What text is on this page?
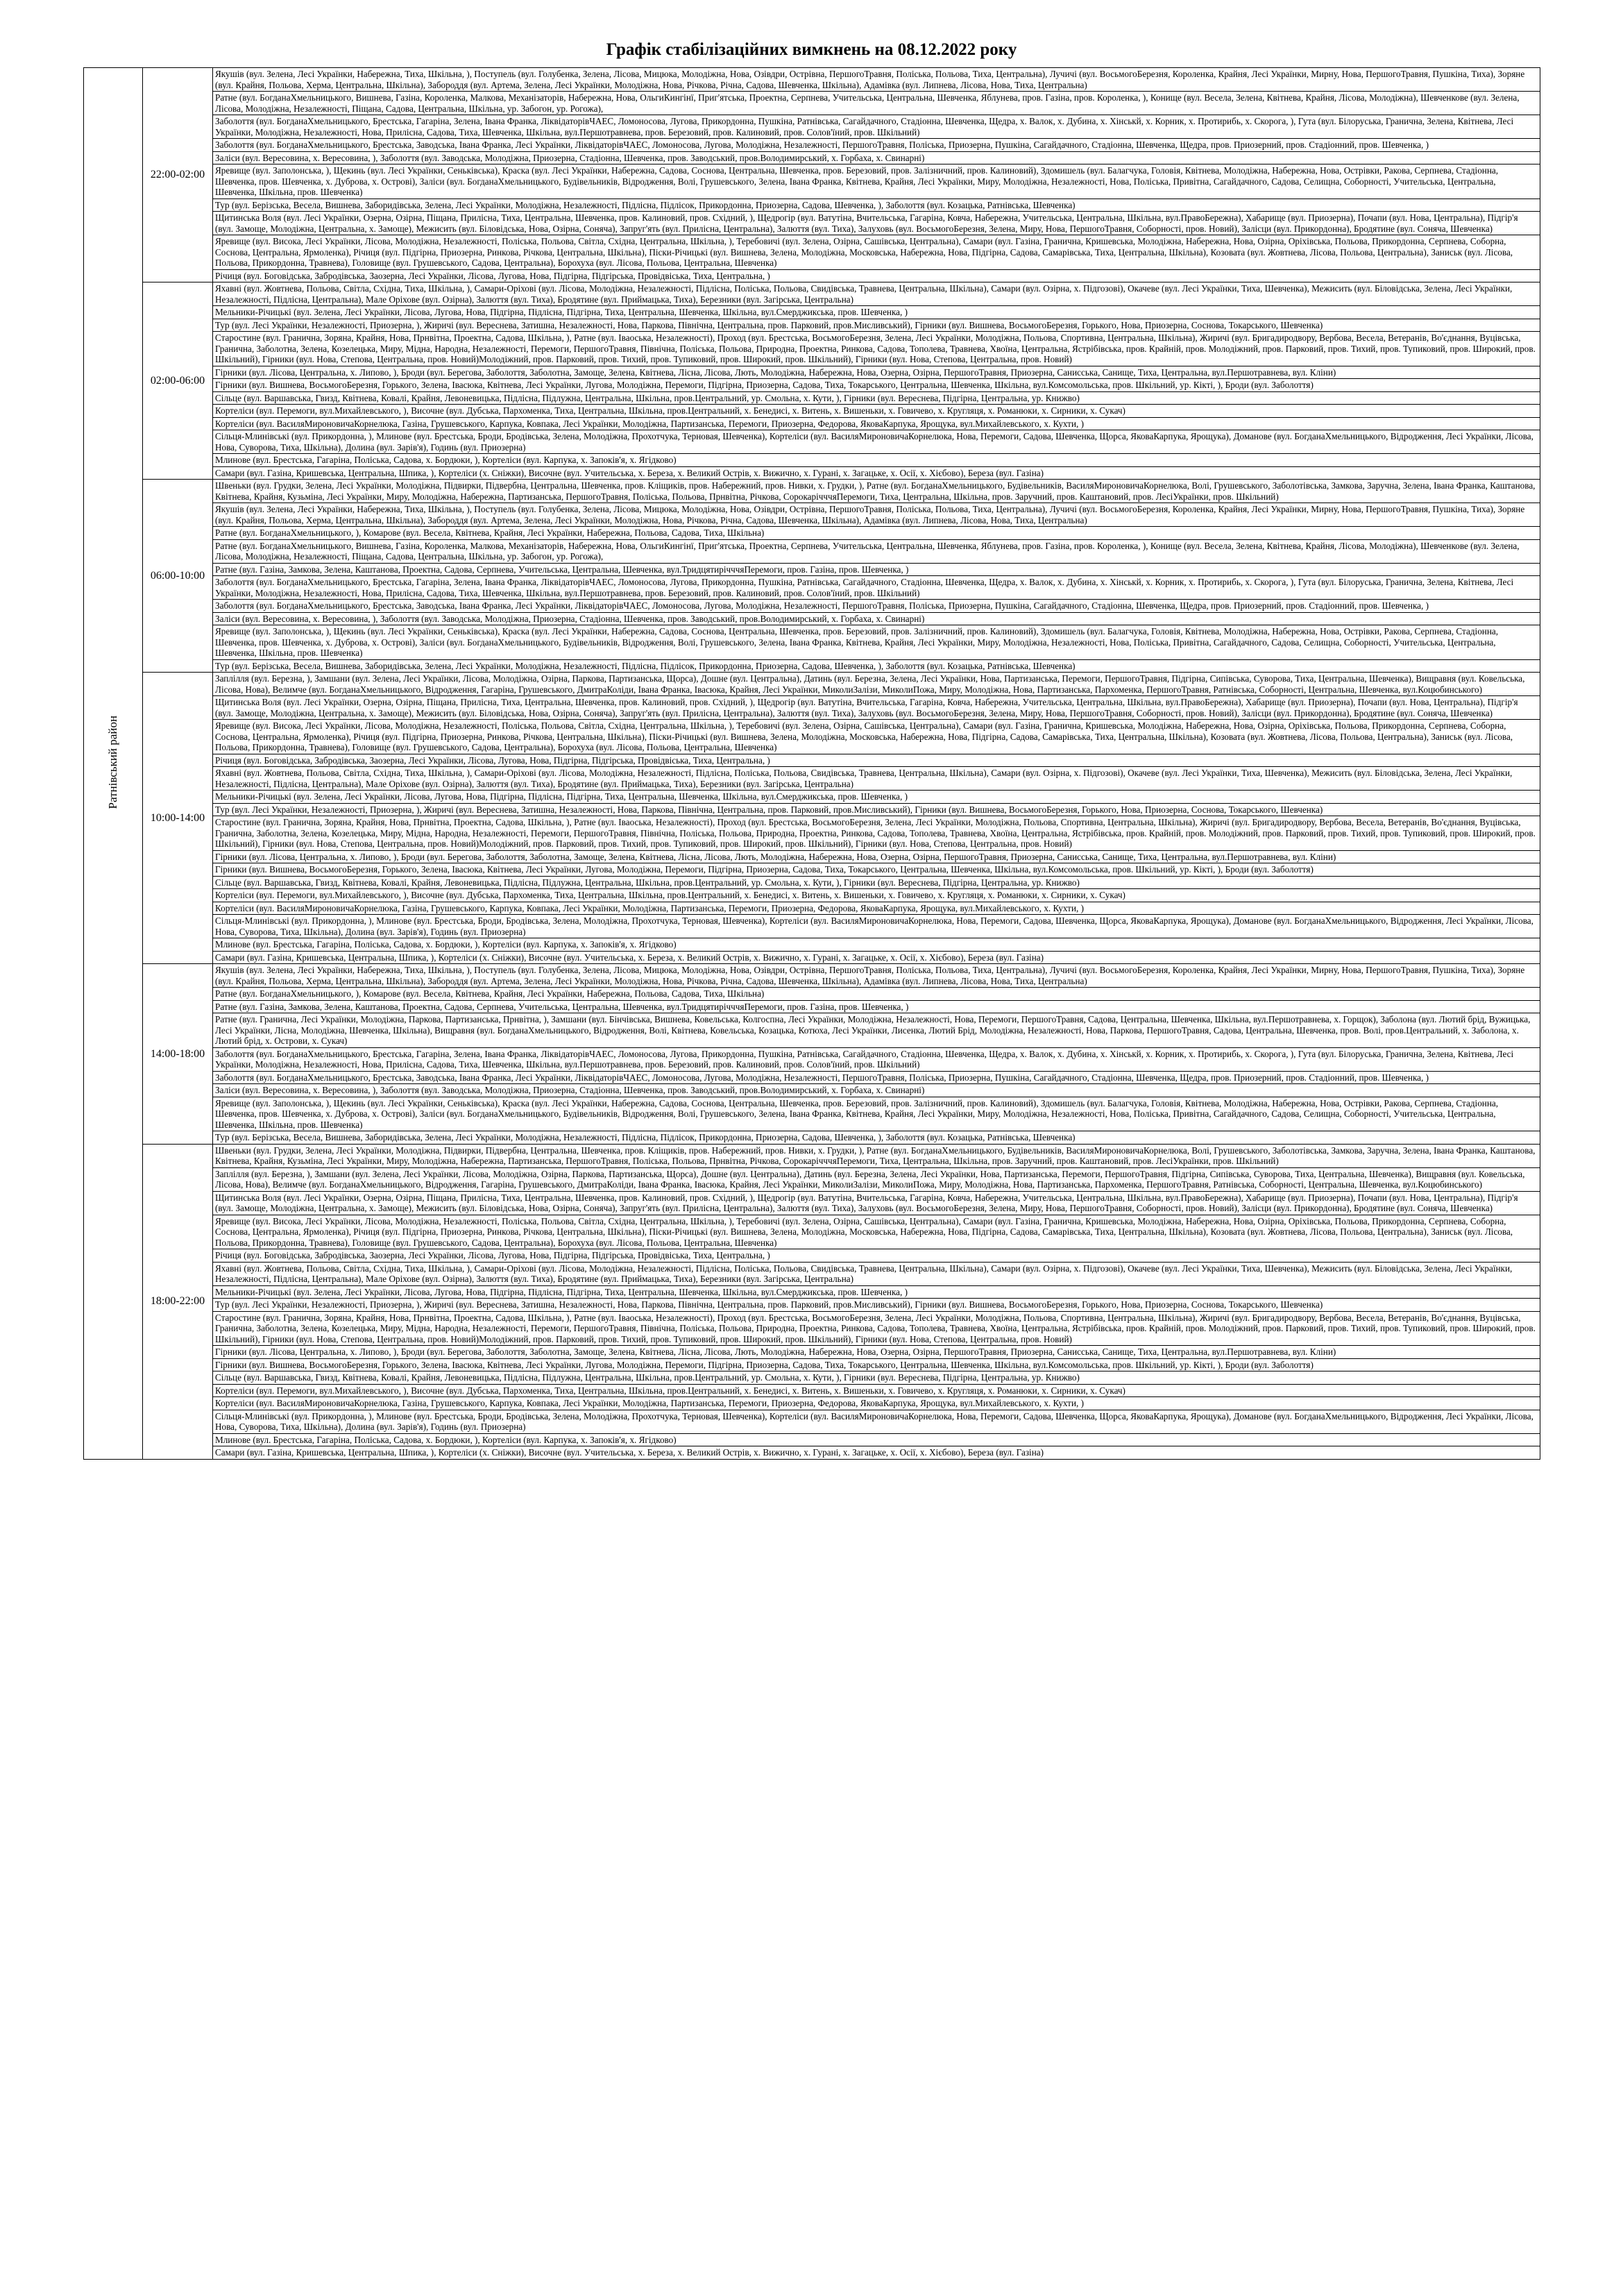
Графік стабілізаційних вимкнень на 08.12.2022 року
Ратнівський район	22:00-02:00	Якушів (вул. Зелена, Лесі Українки, Набережна, Тиха, Шкільна, ), Поступель (вул. Голубенка, Зелена, Лісова, Мицюка, Молодіжна, Нова, Озівдри, Острівна, ПершогоТравня, Поліська, Польова, Тиха, Центральна), Лучичі (вул. ВосьмогоБерезня, Короленка, Крайня, Лесі Українки, Мирну, Нова, ПершогоТравня, Пушкіна, Тиха), Зоряне (вул. Крайня, Польова, Херма, Центральна, Шкільна), Забороддя (вул. Артема, Зелена, Лесі Українки, Молодіжна, Нова, Річкова, Річна, Садова, Шевченка, Шкільна), Адамівка (вул. Липнева, Лісова, Нова, Тиха, Центральна)
		Ратне (вул. БогданаХмельницького, Вишнева, Газіна, Короленка, Малкова, Механізаторів, Набережна, Нова, ОльгиКингінї, Приг'ятська, Проектна, Серпнева, Учительська, Центральна, Шевченка, Яблунева, пров. Газіна, пров. Короленка, ), Конище (вул. Весела, Зелена, Квітнева, Крайня, Лісова, Молодіжна), Шевченкове (вул. Зелена, Лісова, Молодіжна, Незалежності, Піщана, Садова, Центральна, Шкільна, ур. Забогон, ур. Рогожа),
		Заболоття (вул. БогданаХмельницького, Брестська, Гагаріна, Зелена, Івана Франка, ЛіквідаторівЧАЕС, Ломоносова, Лугова, Прикордонна, Пушкіна, Ратнівська, Сагайдачного, Стадіонна, Шевченка, Щедра, х. Валок, х. Дубина, х. Хінськй, х. Корник, х. Протирибь, х. Скорога, ), Гута (вул. Білоруська, Гранична, Зелена, Квітнева, Лесі Українки, Молодіжна, Незалежності, Нова, Прилісна, Садова, Тиха, Шевченка, Шкільна, вул.Першотравнева, пров. Березовий, пров. Калиновий, пров. Солов'їний, пров. Шкільний)
		Заболоття (вул. БогданаХмельницького, Брестська, Заводська, Івана Франка, Лесі Українки, ЛіквідаторівЧАЕС, Ломоносова, Лугова, Молодіжна, Незалежності, ПершогоТравня, Поліська, Приозерна, Пушкіна, Сагайдачного, Стадіонна, Шевченка, Щедра, пров. Приозерний, пров. Стадіонний, пров. Шевченка, )
		Заліси (вул. Вересовина, х. Вересовина, ), Заболоття (вул. Заводська, Молодіжна, Приозерна, Стадіонна, Шевченка, пров. Заводський, пров.Володимирський, х. Горбаха, х. Свинарні)
		Яревище (вул. Заполонська, ), Щекинь (вул. Лесі Українки, Сеньківська), Краска (вул. Лесі Українки, Набережна, Садова, Соснова, Центральна, Шевченка, пров. Березовий, пров. Залізничний, пров. Калиновий), Здомишель (вул. Балагчука, Головія, Квітнева, Молодіжна, Набережна, Нова, Острівки, Ракова, Серпнева, Стадіонна, Шевченка, пров. Шевченка, х. Дуброва, х. Острові), Заліси (вул. БогданаХмельницького, Будівельників, Відродження, Волі, Грушевського, Зелена, Івана Франка, Квітнева, Крайня, Лесі Українки, Миру, Молодіжна, Незалежності, Нова, Поліська, Привітна, Сагайдачного, Садова, Селищна, Соборності, Учительська, Центральна, Шевченка, Шкільна, пров. Шевченка)
		Тур (вул. Берізська, Весела, Вишнева, Заборидівська, Зелена, Лесі Українки, Молодіжна, Незалежності, Підлісна, Підлісок, Прикордонна, Приозерна, Садова, Шевченка, ), Заболоття (вул. Козацька, Ратнівська, Шевченка)
		Щитинська Воля (вул. Лесі Українки, Озерна, Озірна, Піщана, Прилісна, Тиха, Центральна, Шевченка, пров. Калиновий, пров. Східний, ), Щедрогір (вул. Ватутіна, Вчительська, Гагаріна, Ковча, Набережна, Учительська, Центральна, Шкільна, вул.ПравоБережна), Хабарище (вул. Приозерна), Почапи (вул. Нова, Центральна), Підгір'я (вул. Замоще, Молодіжна, Центральна, х. Замоще), Межисить (вул. Біловідська, Нова, Озірна, Соняча), Запруг'ять (вул. Прилісна, Центральна), Залюття (вул. Тиха), Залуховь (вул. ВосьмогоБерезня, Зелена, Миру, Нова, ПершогоТравня, Соборності, пров. Новий), Залісци (вул. Прикордонна), Бродятине (вул. Соняча, Шевченка)
		Яревище (вул. Висока, Лесі Українки, Лісова, Молодіжна, Незалежності, Поліська, Польова, Світла, Східна, Центральна, Шкільна, ), Теребовичі (вул. Зелена, Озірна, Сашівська, Центральна), Самари (вул. Газіна, Гранична, Кришевська, Молодіжна, Набережна, Нова, Озірна, Оріхівська, Польова, Прикордонна, Серпнева, Соборна, Соснова, Центральна, Ярмоленка), Річиця (вул. Підгірна, Приозерна, Ринкова, Річкова, Центральна, Шкільна), Піски-Річицькі (вул. Вишнева, Зелена, Молодіжна, Московська, Набережна, Нова, Підгірна, Садова, Самарівська, Тиха, Центральна, Шкільна), Козовата (вул. Жовтнева, Лісова, Польова, Центральна), Заниськ (вул. Лісова, Польова, Прикордонна, Травнева), Головище (вул. Грушевського, Садова, Центральна), Борохуха (вул. Лісова, Польова, Центральна, Шевченка)
		Річиця (вул. Боговідська, Забродівська, Заозерна, Лесі Українки, Лісова, Лугова, Нова, Підгірна, Підгірська, Провідвіська, Тиха, Центральна, )
	02:00-06:00	Яхавні (вул. Жовтнева, Польова, Світла, Східна, Тиха, Шкільна, ), Самари-Оріхові (вул. Лісова, Молодіжна, Незалежності, Підлісна, Поліська, Польова, Свидівська, Травнева, Центральна, Шкільна), Самари (вул. Озірна, х. Підгозові), Окачеве (вул. Лесі Українки, Тиха, Шевченка), Межисить (вул. Біловідська, Зелена, Лесі Українки, Незалежності, Підлісна, Центральна), Мале Оріхове (вул. Озірна), Залюття (вул. Тиха), Бродятине (вул. Приймацька, Тиха), Березники (вул. Загірська, Центральна)
		Мельники-Річицькі (вул. Зелена, Лесі Українки, Лісова, Лугова, Нова, Підгірна, Підлісна, Підгірна, Тиха, Центральна, Шевченка, Шкільна, вул.Смерджикська, пров. Шевченка, )
		Тур (вул. Лесі Українки, Незалежності, Приозерна, ), Жиричі (вул. Вереснева, Затишна, Незалежності, Нова, Паркова, Північна, Центральна, пров. Парковий, пров.Мисливський), Гірники (вул. Вишнева, ВосьмогоБерезня, Горького, Нова, Приозерна, Соснова, Токарського, Шевченка)
		Старостине (вул. Гранична, Зоряна, Крайня, Нова, Прнвітна, Проектна, Садова, Шкільна, ), Ратне (вул. Іваоська, Незалежності), Проход (вул. Брестська, ВосьмогоБерезня, Зелена, Лесі Українки, Молодіжна, Польова, Спортивна, Центральна, Шкільна), Жиричі (вул. Бригадиродвору, Вербова, Весела, Ветеранів, Во'єднання, Вуцівська, Гранична, Заболотна, Зелена, Козелецька, Миру, Мідна, Народна, Незалежності, Перемоги, ПершогоТравня, Північна, Поліська, Польова, Природна, Проектна, Ринкова, Садова, Тополева, Травнева, Хвоїна, Центральна, Ястрібівська, пров. Крайній, пров. Молодіжний, пров. Парковий, пров. Тихий, пров. Тупиковий, пров. Широкий, пров. Шкільний), Гірники (вул. Нова, Степова, Центральна, пров. Новий)Молодіжний, пров. Парковий, пров. Тихий, пров. Тупиковий, пров. Широкий, пров. Шкільний), Гірники (вул. Нова, Степова, Центральна, пров. Новий)
		Гірники (вул. Лісова, Центральна, х. Липово, ), Броди (вул. Берегова, Заболоття, Заболотна, Замоще, Зелена, Квітнева, Лісна, Лісова, Лють, Молодіжна, Набережна, Нова, Озерна, Озірна, ПершогоТравня, Приозерна, Санисська, Санище, Тиха, Центральна, вул.Першотравнева, вул. Кліни)
		Гірники (вул. Вишнева, ВосьмогоБерезня, Горького, Зелена, Івасюка, Квітнева, Лесі Українки, Лугова, Молодіжна, Перемоги, Підгірна, Приозерна, Садова, Тиха, Токарського, Центральна, Шевченка, Шкільна, вул.Комсомольська, пров. Шкільний, ур. Кікті, ), Броди (вул. Заболоття)
		Сільце (вул. Варшавська, Гвизд, Квітнева, Ковалі, Крайня, Левоневицька, Підлісна, Підлужна, Центральна, Шкільна, пров.Центральний, ур. Смольна, х. Кути, ), Гірники (вул. Вереснева, Підгірна, Центральна, ур. Книжво)
		Кортеліси (вул. Перемоги, вул.Михайлевського, ), Височне (вул. Дубська, Пархоменка, Тиха, Центральна, Шкільна, пров.Центральний, х. Бенедисі, х. Витень, х. Вишеньки, х. Говичево, х. Кругляця, х. Романюки, х. Сирники, х. Сукач)
		Кортеліси (вул. ВасиляМироновичаКорнелюка, Газіна, Грушевського, Карпука, Ковпака, Лесі Українки, Молодіжна, Партизанська, Перемоги, Приозерна, Федорова, ЯковаКарпука, Ярощука, вул.Михайлевського, х. Кухти, )
		Сільця-Млинівські (вул. Прикордонна, ), Млинове (вул. Брестська, Броди, Бродівська, Зелена, Молодіжна, Прохотчука, Терновая, Шевченка), Кортеліси (вул. ВасиляМироновичаКорнелюка, Нова, Перемоги, Садова, Шевченка, Щорса, ЯковаКарпука, Ярощука), Доманове (вул. БогданаХмельницького, Відродження, Лесі Українки, Лісова, Нова, Суворова, Тиха, Шкільна), Долина (вул. Зарів'я), Годинь (вул. Приозерна)
		Млинове (вул. Брестська, Гагаріна, Поліська, Садова, х. Бордюки, ), Кортеліси (вул. Карпука, х. Запоків'я, х. Ягідково)
		Самари (вул. Газіна, Кришевська, Центральна, Шпика, ), Кортеліси (х. Сніжки), Височне (вул. Учительська, х. Береза, х. Великий Острів, х. Вижично, х. Гурані, х. Загацьке, х. Осії, х. Хієбово), Береза (вул. Газіна)
	06:00-10:00	Швеньки (вул. Грудки, Зелена, Лесі Українки, Молодіжна, Підвирки, Підвербна, Центральна, Шевченка, пров. Кліщиків, пров. Набережний, пров. Нивки, х. Грудки, ), Ратне (вул. БогданаХмельницького, Будівельників, ВасиляМироновичаКорнелюка, Волі, Грушевського, Заболотівська, Замкова, Заручна, Зелена, Івана Франка, Каштанова, Квітнева, Крайня, Кузьміна, Лесі Українки, Миру, Молодіжна, Набережна, Партизанська, ПершогоТравня, Поліська, Польова, Прнвітна, Річкова, СорокарічччяПеремоги, Тиха, Центральна, Шкільна, пров. Заручний, пров. Каштановий, пров. ЛесіУкраїнки, пров. Шкільний)
		Якушів (вул. Зелена, Лесі Українки, Набережна, Тиха, Шкільна, ), Поступель (вул. Голубенка, Зелена, Лісова, Мицюка, Молодіжна, Нова, Озівдри, Острівна, ПершогоТравня, Поліська, Польова, Тиха, Центральна), Лучичі (вул. ВосьмогоБерезня, Короленка, Крайня, Лесі Українки, Мирну, Нова, ПершогоТравня, Пушкіна, Тиха), Зоряне (вул. Крайня, Польова, Херма, Центральна, Шкільна), Забороддя (вул. Артема, Зелена, Лесі Українки, Молодіжна, Нова, Річкова, Річна, Садова, Шевченка, Шкільна), Адамівка (вул. Липнева, Лісова, Нова, Тиха, Центральна)
		Ратне (вул. БогданаХмельницького, ), Комарове (вул. Весела, Квітнева, Крайня, Лесі Українки, Набережна, Польова, Садова, Тиха, Шкільна)
		Ратне (вул. БогданаХмельницького, Вишнева, Газіна, Короленка, Малкова, Механізаторів, Набережна, Нова, ОльгиКингінї, Приг'ятська, Проектна, Серпнева, Учительська, Центральна, Шевченка, Яблунева, пров. Газіна, пров. Короленка, ), Конище (вул. Весела, Зелена, Квітнева, Крайня, Лісова, Молодіжна), Шевченкове (вул. Зелена, Лісова, Молодіжна, Незалежності, Піщана, Садова, Центральна, Шкільна, ур. Забогон, ур. Рогожа),
		Ратне (вул. Газіна, Замкова, Зелена, Каштанова, Проектна, Садова, Серпнева, Учительська, Центральна, Шевченка, вул.ТридцятирічччяПеремоги, пров. Газіна, пров. Шевченка, )
		Заболоття (вул. БогданаХмельницького, Брестська, Гагаріна, Зелена, Івана Франка, ЛіквідаторівЧАЕС, Ломоносова, Лугова, Прикордонна, Пушкіна, Ратнівська, Сагайдачного, Стадіонна, Шевченка, Щедра, х. Валок, х. Дубина, х. Хінськй, х. Корник, х. Протирибь, х. Скорога, ), Гута (вул. Білоруська, Гранична, Зелена, Квітнева, Лесі Українки, Молодіжна, Незалежності, Нова, Прилісна, Садова, Тиха, Шевченка, Шкільна, вул.Першотравнева, пров. Березовий, пров. Калиновий, пров. Солов'їний, пров. Шкільний)
		Заболоття (вул. БогданаХмельницького, Брестська, Заводська, Івана Франка, Лесі Українки, ЛіквідаторівЧАЕС, Ломоносова, Лугова, Молодіжна, Незалежності, ПершогоТравня, Поліська, Приозерна, Пушкіна, Сагайдачного, Стадіонна, Шевченка, Щедра, пров. Приозерний, пров. Стадіонний, пров. Шевченка, )
		Заліси (вул. Вересовина, х. Вересовина, ), Заболоття (вул. Заводська, Молодіжна, Приозерна, Стадіонна, Шевченка, пров. Заводський, пров.Володимирський, х. Горбаха, х. Свинарні)
		Яревище (вул. Заполонська, ), Щекинь (вул. Лесі Українки, Сеньківська), Краска (вул. Лесі Українки, Набережна, Садова, Соснова, Центральна, Шевченка, пров. Березовий, пров. Залізничний, пров. Калиновий), Здомишель (вул. Балагчука, Головія, Квітнева, Молодіжна, Набережна, Нова, Острівки, Ракова, Серпнева, Стадіонна, Шевченка, пров. Шевченка, х. Дуброва, х. Острові), Заліси (вул. БогданаХмельницького, Будівельників, Відродження, Волі, Грушевського, Зелена, Івана Франка, Квітнева, Крайня, Лесі Українки, Миру, Молодіжна, Незалежності, Нова, Поліська, Привітна, Сагайдачного, Садова, Селищна, Соборності, Учительська, Центральна, Шевченка, Шкільна, пров. Шевченка)
		Тур (вул. Берізська, Весела, Вишнева, Заборидівська, Зелена, Лесі Українки, Молодіжна, Незалежності, Підлісна, Підлісок, Прикордонна, Приозерна, Садова, Шевченка, ), Заболоття (вул. Козацька, Ратнівська, Шевченка)
	10:00-14:00	Заплілля (вул. Березна, ), Замшани (вул. Зелена, Лесі Українки, Лісова, Молодіжна, Озірна, Паркова, Партизанська, Щорса), Дошне (вул. Центральна), Датинь (вул. Березна, Зелена, Лесі Українки, Нова, Партизанська, Перемоги, ПершогоТравня, Підгірна, Сипівська, Суворова, Тиха, Центральна, Шевченка), Вищравня (вул. Ковельська, Лісова, Нова), Велимче (вул. БогданаХмельницького, Відродження, Гагаріна, Грушевського, ДмитраКоліди, Івана Франка, Івасюка, Крайня, Лесі Українки, МиколиЗалізи, МиколиПожа, Миру, Молодіжна, Нова, Партизанська, Пархоменка, ПершогоТравня, Ратнівська, Соборності, Центральна, Шевченка, вул.Коцюбинського)
		Щитинська Воля (вул. Лесі Українки, Озерна, Озірна, Піщана, Прилісна, Тиха, Центральна, Шевченка, пров. Калиновий, пров. Східний, ), Щедрогір (вул. Ватутіна, Вчительська, Гагаріна, Ковча, Набережна, Учительська, Центральна, Шкільна, вул.ПравоБережна), Хабарище (вул. Приозерна), Почапи (вул. Нова, Центральна), Підгір'я (вул. Замоще, Молодіжна, Центральна, х. Замоще), Межисить (вул. Біловідська, Нова, Озірна, Соняча), Запруг'ять (вул. Прилісна, Центральна), Залюття (вул. Тиха), Залуховь (вул. ВосьмогоБерезня, Зелена, Миру, Нова, ПершогоТравня, Соборності, пров. Новий), Залісци (вул. Прикордонна), Бродятине (вул. Соняча, Шевченка)
		Яревище (вул. Висока, Лесі Українки, Лісова, Молодіжна, Незалежності, Поліська, Польова, Світла, Східна, Центральна, Шкільна, ), Теребовичі (вул. Зелена, Озірна, Сашівська, Центральна), Самари (вул. Газіна, Гранична, Кришевська, Молодіжна, Набережна, Нова, Озірна, Оріхівська, Польова, Прикордонна, Серпнева, Соборна, Соснова, Центральна, Ярмоленка), Річиця (вул. Підгірна, Приозерна, Ринкова, Річкова, Центральна, Шкільна), Піски-Річицькі (вул. Вишнева, Зелена, Молодіжна, Московська, Набережна, Нова, Підгірна, Садова, Самарівська, Тиха, Центральна, Шкільна), Козовата (вул. Жовтнева, Лісова, Польова, Центральна), Заниськ (вул. Лісова, Польова, Прикордонна, Травнева), Головище (вул. Грушевського, Садова, Центральна), Борохуха (вул. Лісова, Польова, Центральна, Шевченка)
		Річиця (вул. Боговідська, Забродівська, Заозерна, Лесі Українки, Лісова, Лугова, Нова, Підгірна, Підгірська, Провідвіська, Тиха, Центральна, )
		Яхавні (вул. Жовтнева, Польова, Світла, Східна, Тиха, Шкільна, ), Самари-Оріхові (вул. Лісова, Молодіжна, Незалежності, Підлісна, Поліська, Польова, Свидівська, Травнева, Центральна, Шкільна), Самари (вул. Озірна, х. Підгозові), Окачеве (вул. Лесі Українки, Тиха, Шевченка), Межисить (вул. Біловідська, Зелена, Лесі Українки, Незалежності, Підлісна, Центральна), Мале Оріхове (вул. Озірна), Залюття (вул. Тиха), Бродятине (вул. Приймацька, Тиха), Березники (вул. Загірська, Центральна)
		Мельники-Річицькі (вул. Зелена, Лесі Українки, Лісова, Лугова, Нова, Підгірна, Підлісна, Підгірна, Тиха, Центральна, Шевченка, Шкільна, вул.Смерджикська, пров. Шевченка, )
		Тур (вул. Лесі Українки, Незалежності, Приозерна, ), Жиричі (вул. Вереснева, Затишна, Незалежності, Нова, Паркова, Північна, Центральна, пров. Парковий, пров.Мисливський), Гірники (вул. Вишнева, ВосьмогоБерезня, Горького, Нова, Приозерна, Соснова, Токарського, Шевченка)
		Старостине (вул. Гранична, Зоряна, Крайня, Нова, Прнвітна, Проектна, Садова, Шкільна, ), Ратне (вул. Іваоська, Незалежності), Проход (вул. Брестська, ВосьмогоБерезня, Зелена, Лесі Українки, Молодіжна, Польова, Спортивна, Центральна, Шкільна), Жиричі (вул. Бригадиродвору, Вербова, Весела, Ветеранів, Во'єднання, Вуцівська, Гранична, Заболотна, Зелена, Козелецька, Миру, Мідна, Народна, Незалежності, Перемоги, ПершогоТравня, Північна, Поліська, Польова, Природна, Проектна, Ринкова, Садова, Тополева, Травнева, Хвоїна, Центральна, Ястрібівська, пров. Крайній, пров. Молодіжний, пров. Парковий, пров. Тихий, пров. Тупиковий, пров. Широкий, пров. Шкільний), Гірники (вул. Нова, Степова, Центральна, пров. Новий)Молодіжний, пров. Парковий, пров. Тихий, пров. Тупиковий, пров. Широкий, пров. Шкільний), Гірники (вул. Нова, Степова, Центральна, пров. Новий)
		Гірники (вул. Лісова, Центральна, х. Липово, ), Броди (вул. Берегова, Заболоття, Заболотна, Замоще, Зелена, Квітнева, Лісна, Лісова, Лють, Молодіжна, Набережна, Нова, Озерна, Озірна, ПершогоТравня, Приозерна, Санисська, Санище, Тиха, Центральна, вул.Першотравнева, вул. Кліни)
		Гірники (вул. Вишнева, ВосьмогоБерезня, Горького, Зелена, Івасюка, Квітнева, Лесі Українки, Лугова, Молодіжна, Перемоги, Підгірна, Приозерна, Садова, Тиха, Токарського, Центральна, Шевченка, Шкільна, вул.Комсомольська, пров. Шкільний, ур. Кікті, ), Броди (вул. Заболоття)
		Сільце (вул. Варшавська, Гвизд, Квітнева, Ковалі, Крайня, Левоневицька, Підлісна, Підлужна, Центральна, Шкільна, пров.Центральний, ур. Смольна, х. Кути, ), Гірники (вул. Вереснева, Підгірна, Центральна, ур. Книжво)
		Кортеліси (вул. Перемоги, вул.Михайлевського, ), Височне (вул. Дубська, Пархоменка, Тиха, Центральна, Шкільна, пров.Центральний, х. Бенедисі, х. Витень, х. Вишеньки, х. Говичево, х. Кругляця, х. Романюки, х. Сирники, х. Сукач)
		Кортеліси (вул. ВасиляМироновичаКорнелюка, Газіна, Грушевського, Карпука, Ковпака, Лесі Українки, Молодіжна, Партизанська, Перемоги, Приозерна, Федорова, ЯковаКарпука, Ярощука, вул.Михайлевського, х. Кухти, )
		Сільця-Млинівські (вул. Прикордонна, ), Млинове (вул. Брестська, Броди, Бродівська, Зелена, Молодіжна, Прохотчука, Терновая, Шевченка), Кортеліси (вул. ВасиляМироновичаКорнелюка, Нова, Перемоги, Садова, Шевченка, Щорса, ЯковаКарпука, Ярощука), Доманове (вул. БогданаХмельницького, Відродження, Лесі Українки, Лісова, Нова, Суворова, Тиха, Шкільна), Долина (вул. Зарів'я), Годинь (вул. Приозерна)
		Млинове (вул. Брестська, Гагаріна, Поліська, Садова, х. Бордюки, ), Кортеліси (вул. Карпука, х. Запоків'я, х. Ягідково)
		Самари (вул. Газіна, Кришевська, Центральна, Шпика, ), Кортеліси (х. Сніжки), Височне (вул. Учительська, х. Береза, х. Великий Острів, х. Вижично, х. Гурані, х. Загацьке, х. Осії, х. Хієбово), Береза (вул. Газіна)
	14:00-18:00	Якушів (вул. Зелена, Лесі Українки, Набережна, Тиха, Шкільна, ), Поступель (вул. Голубенка, Зелена, Лісова, Мицюка, Молодіжна, Нова, Озівдри, Острівна, ПершогоТравня, Поліська, Польова, Тиха, Центральна), Лучичі (вул. ВосьмогоБерезня, Короленка, Крайня, Лесі Українки, Мирну, Нова, ПершогоТравня, Пушкіна, Тиха), Зоряне (вул. Крайня, Польова, Херма, Центральна, Шкільна), Забороддя (вул. Артема, Зелена, Лесі Українки, Молодіжна, Нова, Річкова, Річна, Садова, Шевченка, Шкільна), Адамівка (вул. Липнева, Лісова, Нова, Тиха, Центральна)
		Ратне (вул. БогданаХмельницького, ), Комарове (вул. Весела, Квітнева, Крайня, Лесі Українки, Набережна, Польова, Садова, Тиха, Шкільна)
		Ратне (вул. Газіна, Замкова, Зелена, Каштанова, Проектна, Садова, Серпнева, Учительська, Центральна, Шевченка, вул.ТридцятирічччяПеремоги, пров. Газіна, пров. Шевченка, )
		Ратне (вул. Гранична, Лесі Українки, Молодіжна, Паркова, Партизанська, Прнвітна, ), Замшани (вул. Бінчівська, Вишнева, Ковельська, Колгоспна, Лесі Українки, Молодіжна, Незалежності, Нова, Перемоги, ПершогоТравня, Садова, Центральна, Шевченка, Шкільна, вул.Першотравнева, х. Горщок), Заболона (вул. Лютий брід, Вужицька, Лесі Українки, Лісна, Молодіжна, Шевченка, Шкільна), Вищравня (вул. БогданаХмельницького, Відродження, Волі, Квітнева, Ковельська, Козацька, Котюха, Лесі Українки, Лисенка, Лютий Брід, Молодіжна, Незалежності, Нова, Паркова, ПершогоТравня, Садова, Центральна, Шевченка, пров. Волі, пров.Центральний, х. Заболона, х. Лютий брід, х. Острови, х. Сукач)
		Заболоття (вул. БогданаХмельницького, Брестська, Гагаріна, Зелена, Івана Франка, ЛіквідаторівЧАЕС, Ломоносова, Лугова, Прикордонна, Пушкіна, Ратнівська, Сагайдачного, Стадіонна, Шевченка, Щедра, х. Валок, х. Дубина, х. Хінськй, х. Корник, х. Протирибь, х. Скорога, ), Гута (вул. Білоруська, Гранична, Зелена, Квітнева, Лесі Українки, Молодіжна, Незалежності, Нова, Прилісна, Садова, Тиха, Шевченка, Шкільна, вул.Першотравнева, пров. Березовий, пров. Калиновий, пров. Солов'їний, пров. Шкільний)
		Заболоття (вул. БогданаХмельницького, Брестська, Заводська, Івана Франка, Лесі Українки, ЛіквідаторівЧАЕС, Ломоносова, Лугова, Молодіжна, Незалежності, ПершогоТравня, Поліська, Приозерна, Пушкіна, Сагайдачного, Стадіонна, Шевченка, Щедра, пров. Приозерний, пров. Стадіонний, пров. Шевченка, )
		Заліси (вул. Вересовина, х. Вересовина, ), Заболоття (вул. Заводська, Молодіжна, Приозерна, Стадіонна, Шевченка, пров. Заводський, пров.Володимирський, х. Горбаха, х. Свинарні)
		Яревище (вул. Заполонська, ), Щекинь (вул. Лесі Українки, Сеньківська), Краска (вул. Лесі Українки, Набережна, Садова, Соснова, Центральна, Шевченка, пров. Березовий, пров. Залізничний, пров. Калиновий), Здомишель (вул. Балагчука, Головія, Квітнева, Молодіжна, Набережна, Нова, Острівки, Ракова, Серпнева, Стадіонна, Шевченка, пров. Шевченка, х. Дуброва, х. Острові), Заліси (вул. БогданаХмельницького, Будівельників, Відродження, Волі, Грушевського, Зелена, Івана Франка, Квітнева, Крайня, Лесі Українки, Миру, Молодіжна, Незалежності, Нова, Поліська, Привітна, Сагайдачного, Садова, Селищна, Соборності, Учительська, Центральна, Шевченка, Шкільна, пров. Шевченка)
		Тур (вул. Берізська, Весела, Вишнева, Заборидівська, Зелена, Лесі Українки, Молодіжна, Незалежності, Підлісна, Підлісок, Прикордонна, Приозерна, Садова, Шевченка, ), Заболоття (вул. Козацька, Ратнівська, Шевченка)
	18:00-22:00	Швеньки (вул. Грудки, Зелена, Лесі Українки, Молодіжна, Підвирки, Підвербна, Центральна, Шевченка, пров. Кліщиків, пров. Набережний, пров. Нивки, х. Грудки, ), Ратне (вул. БогданаХмельницького, Будівельників, ВасиляМироновичаКорнелюка, Волі, Грушевського, Заболотівська, Замкова, Заручна, Зелена, Івана Франка, Каштанова, Квітнева, Крайня, Кузьміна, Лесі Українки, Миру, Молодіжна, Набережна, Партизанська, ПершогоТравня, Поліська, Польова, Прнвітна, Річкова, СорокарічччяПеремоги, Тиха, Центральна, Шкільна, пров. Заручний, пров. Каштановий, пров. ЛесіУкраїнки, пров. Шкільний)
		Заплілля (вул. Березна, ), Замшани (вул. Зелена, Лесі Українки, Лісова, Молодіжна, Озірна, Паркова, Партизанська, Щорса), Дошне (вул. Центральна), Датинь (вул. Березна, Зелена, Лесі Українки, Нова, Партизанська, Перемоги, ПершогоТравня, Підгірна, Сипівська, Суворова, Тиха, Центральна, Шевченка), Вищравня (вул. Ковельська, Лісова, Нова), Велимче (вул. БогданаХмельницького, Відродження, Гагаріна, Грушевського, ДмитраКоліди, Івана Франка, Івасюка, Крайня, Лесі Українки, МиколиЗалізи, МиколиПожа, Миру, Молодіжна, Нова, Партизанська, Пархоменка, ПершогоТравня, Ратнівська, Соборності, Центральна, Шевченка, вул.Коцюбинського)
		Щитинська Воля (вул. Лесі Українки, Озерна, Озірна, Піщана, Прилісна, Тиха, Центральна, Шевченка, пров. Калиновий, пров. Східний, ), Щедрогір (вул. Ватутіна, Вчительська, Гагаріна, Ковча, Набережна, Учительська, Центральна, Шкільна, вул.ПравоБережна), Хабарище (вул. Приозерна), Почапи (вул. Нова, Центральна), Підгір'я (вул. Замоще, Молодіжна, Центральна, х. Замоще), Межисить (вул. Біловідська, Нова, Озірна, Соняча), Запруг'ять (вул. Прилісна, Центральна), Залюття (вул. Тиха), Залуховь (вул. ВосьмогоБерезня, Зелена, Миру, Нова, ПершогоТравня, Соборності, пров. Новий), Залісци (вул. Прикордонна), Бродятине (вул. Соняча, Шевченка)
		Яревище (вул. Висока, Лесі Українки, Лісова, Молодіжна, Незалежності, Поліська, Польова, Світла, Східна, Центральна, Шкільна, ), Теребовичі (вул. Зелена, Озірна, Сашівська, Центральна), Самари (вул. Газіна, Гранична, Кришевська, Молодіжна, Набережна, Нова, Озірна, Оріхівська, Польова, Прикордонна, Серпнева, Соборна, Соснова, Центральна, Ярмоленка), Річиця (вул. Підгірна, Приозерна, Ринкова, Річкова, Центральна, Шкільна), Піски-Річицькі (вул. Вишнева, Зелена, Молодіжна, Московська, Набережна, Нова, Підгірна, Садова, Самарівська, Тиха, Центральна, Шкільна), Козовата (вул. Жовтнева, Лісова, Польова, Центральна), Заниськ (вул. Лісова, Польова, Прикордонна, Травнева), Головище (вул. Грушевського, Садова, Центральна), Борохуха (вул. Лісова, Польова, Центральна, Шевченка)
		Річиця (вул. Боговідська, Забродівська, Заозерна, Лесі Українки, Лісова, Лугова, Нова, Підгірна, Підгірська, Провідвіська, Тиха, Центральна, )
		Яхавні (вул. Жовтнева, Польова, Світла, Східна, Тиха, Шкільна, ), Самари-Оріхові (вул. Лісова, Молодіжна, Незалежності, Підлісна, Поліська, Польова, Свидівська, Травнева, Центральна, Шкільна), Самари (вул. Озірна, х. Підгозові), Окачеве (вул. Лесі Українки, Тиха, Шевченка), Межисить (вул. Біловідська, Зелена, Лесі Українки, Незалежності, Підлісна, Центральна), Мале Оріхове (вул. Озірна), Залюття (вул. Тиха), Бродятине (вул. Приймацька, Тиха), Березники (вул. Загірська, Центральна)
		Мельники-Річицькі (вул. Зелена, Лесі Українки, Лісова, Лугова, Нова, Підгірна, Підлісна, Підгірна, Тиха, Центральна, Шевченка, Шкільна, вул.Смерджикська, пров. Шевченка, )
		Тур (вул. Лесі Українки, Незалежності, Приозерна, ), Жиричі (вул. Вереснева, Затишна, Незалежності, Нова, Паркова, Північна, Центральна, пров. Парковий, пров.Мисливський), Гірники (вул. Вишнева, ВосьмогоБерезня, Горького, Нова, Приозерна, Соснова, Токарського, Шевченка)
		Старостине (вул. Гранична, Зоряна, Крайня, Нова, Прнвітна, Проектна, Садова, Шкільна, ), Ратне (вул. Іваоська, Незалежності), Проход (вул. Брестська, ВосьмогоБерезня, Зелена, Лесі Українки, Молодіжна, Польова, Спортивна, Центральна, Шкільна), Жиричі (вул. Бригадиродвору, Вербова, Весела, Ветеранів, Во'єднання, Вуцівська, Гранична, Заболотна, Зелена, Козелецька, Миру, Мідна, Народна, Незалежності, Перемоги, ПершогоТравня, Північна, Поліська, Польова, Природна, Проектна, Ринкова, Садова, Тополева, Травнева, Хвоїна, Центральна, Ястрібівська, пров. Крайній, пров. Молодіжний, пров. Парковий, пров. Тихий, пров. Тупиковий, пров. Широкий, пров. Шкільний), Гірники (вул. Нова, Степова, Центральна, пров. Новий)Молодіжний, пров. Парковий, пров. Тихий, пров. Тупиковий, пров. Широкий, пров. Шкільний), Гірники (вул. Нова, Степова, Центральна, пров. Новий)
		Гірники (вул. Лісова, Центральна, х. Липово, ), Броди (вул. Берегова, Заболоття, Заболотна, Замоще, Зелена, Квітнева, Лісна, Лісова, Лють, Молодіжна, Набережна, Нова, Озерна, Озірна, ПершогоТравня, Приозерна, Санисська, Санище, Тиха, Центральна, вул.Першотравнева, вул. Кліни)
		Гірники (вул. Вишнева, ВосьмогоБерезня, Горького, Зелена, Івасюка, Квітнева, Лесі Українки, Лугова, Молодіжна, Перемоги, Підгірна, Приозерна, Садова, Тиха, Токарського, Центральна, Шевченка, Шкільна, вул.Комсомольська, пров. Шкільний, ур. Кікті, ), Броди (вул. Заболоття)
		Сільце (вул. Варшавська, Гвизд, Квітнева, Ковалі, Крайня, Левоневицька, Підлісна, Підлужна, Центральна, Шкільна, пров.Центральний, ур. Смольна, х. Кути, ), Гірники (вул. Вереснева, Підгірна, Центральна, ур. Книжво)
		Кортеліси (вул. Перемоги, вул.Михайлевського, ), Височне (вул. Дубська, Пархоменка, Тиха, Центральна, Шкільна, пров.Центральний, х. Бенедисі, х. Витень, х. Вишеньки, х. Говичево, х. Кругляця, х. Романюки, х. Сирники, х. Сукач)
		Кортеліси (вул. ВасиляМироновичаКорнелюка, Газіна, Грушевського, Карпука, Ковпака, Лесі Українки, Молодіжна, Партизанська, Перемоги, Приозерна, Федорова, ЯковаКарпука, Ярощука, вул.Михайлевського, х. Кухти, )
		Сільця-Млинівські (вул. Прикордонна, ), Млинове (вул. Брестська, Броди, Бродівська, Зелена, Молодіжна, Прохотчука, Терновая, Шевченка), Кортеліси (вул. ВасиляМироновичаКорнелюка, Нова, Перемоги, Садова, Шевченка, Щорса, ЯковаКарпука, Ярощука), Доманове (вул. БогданаХмельницького, Відродження, Лесі Українки, Лісова, Нова, Суворова, Тиха, Шкільна), Долина (вул. Зарів'я), Годинь (вул. Приозерна)
		Млинове (вул. Брестська, Гагаріна, Поліська, Садова, х. Бордюки, ), Кортеліси (вул. Карпука, х. Запоків'я, х. Ягідково)
		Самари (вул. Газіна, Кришевська, Центральна, Шпика, ), Кортеліси (х. Сніжки), Височне (вул. Учительська, х. Береза, х. Великий Острів, х. Вижично, х. Гурані, х. Загацьке, х. Осії, х. Хієбово), Береза (вул. Газіна)
